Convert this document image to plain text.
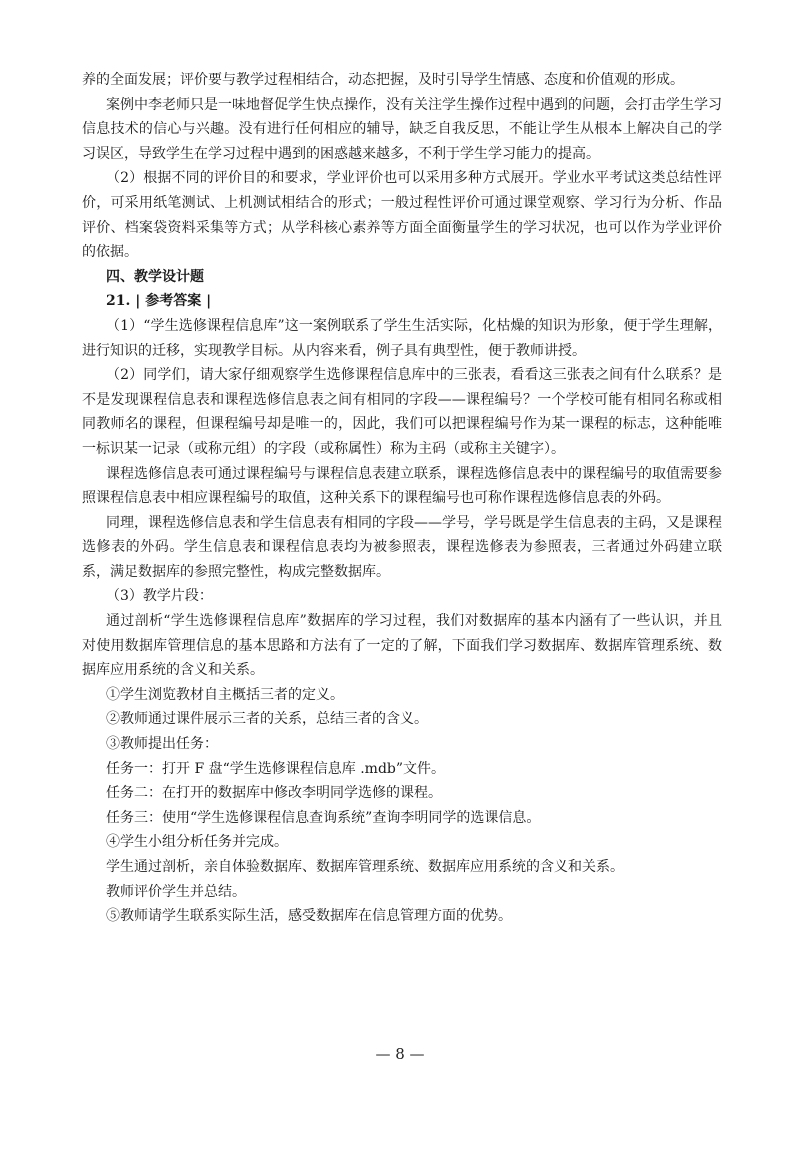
养的全面发展；评价要与教学过程相结合，动态把握，及时引导学生情感、态度和价值观的形成。

案例中李老师只是一味地督促学生快点操作，没有关注学生操作过程中遇到的问题，会打击学生学习信息技术的信心与兴趣。没有进行任何相应的辅导，缺乏自我反思，不能让学生从根本上解决自己的学习误区，导致学生在学习过程中遇到的困惑越来越多，不利于学生学习能力的提高。

（2）根据不同的评价目的和要求，学业评价也可以采用多种方式展开。学业水平考试这类总结性评价，可采用纸笔测试、上机测试相结合的形式；一般过程性评价可通过课堂观察、学习行为分析、作品评价、档案袋资料采集等方式；从学科核心素养等方面全面衡量学生的学习状况，也可以作为学业评价的依据。

四、教学设计题

21. | 参考答案 |

（1）“学生选修课程信息库”这一案例联系了学生生活实际，化枯燥的知识为形象，便于学生理解，进行知识的迁移，实现教学目标。从内容来看，例子具有典型性，便于教师讲授。

（2）同学们，请大家仔细观察学生选修课程信息库中的三张表，看看这三张表之间有什么联系？是不是发现课程信息表和课程选修信息表之间有相同的字段——课程编号？一个学校可能有相同名称或相同教师名的课程，但课程编号却是唯一的，因此，我们可以把课程编号作为某一课程的标志，这种能唯一标识某一记录（或称元组）的字段（或称属性）称为主码（或称主关键字）。

课程选修信息表可通过课程编号与课程信息表建立联系，课程选修信息表中的课程编号的取值需要参照课程信息表中相应课程编号的取值，这种关系下的课程编号也可称作课程选修信息表的外码。

同理，课程选修信息表和学生信息表有相同的字段——学号，学号既是学生信息表的主码，又是课程选修表的外码。学生信息表和课程信息表均为被参照表，课程选修表为参照表，三者通过外码建立联系，满足数据库的参照完整性，构成完整数据库。

（3）教学片段：

通过剖析“学生选修课程信息库”数据库的学习过程，我们对数据库的基本内涵有了一些认识，并且对使用数据库管理信息的基本思路和方法有了一定的了解，下面我们学习数据库、数据库管理系统、数据库应用系统的含义和关系。

①学生浏览教材自主概括三者的定义。

②教师通过课件展示三者的关系，总结三者的含义。

③教师提出任务：

任务一：打开 F 盘“学生选修课程信息库 .mdb”文件。

任务二：在打开的数据库中修改李明同学选修的课程。

任务三：使用“学生选修课程信息查询系统”查询李明同学的选课信息。

④学生小组分析任务并完成。

学生通过剖析，亲自体验数据库、数据库管理系统、数据库应用系统的含义和关系。

教师评价学生并总结。

⑤教师请学生联系实际生活，感受数据库在信息管理方面的优势。

— 8 —
